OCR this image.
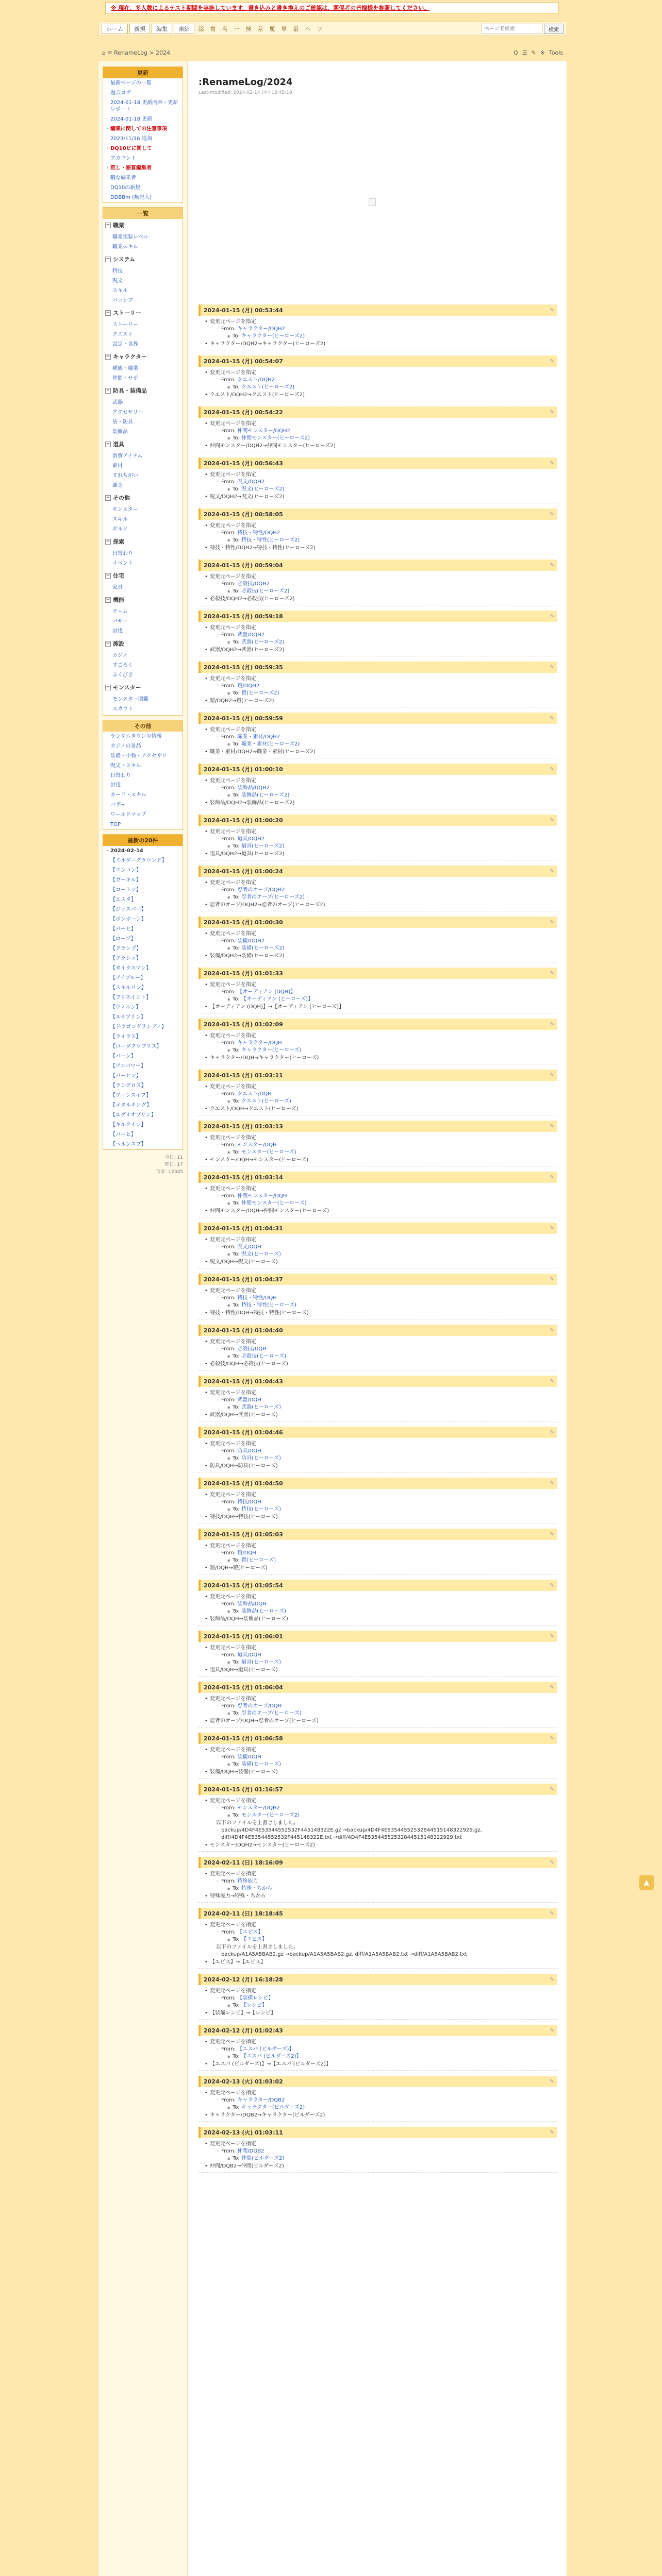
※ 現在、多人数によるテスト期間を実施しています。書き込みと書き換えのご確認は、関係者の皆様様を参照してください。
ホーム	新規	編集	凍結	添	複	名	一	検	差	履	単	最	ヘ	ソ
ページ名検索	検索
⌂ ≡ RenameLog > 2024	Q ☰ ✎ ※ Tools
更新
· 最新ページの一覧
· 過去ログ
· 2024-01-18 更新内容・更新レポート
· 2024-01-18 更新
· 編集に関しての注意事項
· 2023/11/16 追加
· DQ10ビに関して
· アカウント
· 荒し・悪質編集者
· 暇な編集者
· DQ10の新規
· DDBBm (無記入)
一覧
+ 職業
職業実装レベル
職業スキル
+ システム
特技
呪文
スキル
パッシブ
+ ストーリー
ストーリー
クエスト
設定・世界
+ キャラクター
種族・職業
仲間・サポ
+ 防具・装備品
武器
アクセサリー
盾・防具
装飾品
+ 道具
消費アイテム
素材
すれちがい
錬金
+ その他
モンスター
スキル
ギルド
+ 探索
日替わり
イベント
+ 住宅
家具
+ 機能
チーム
バザー
討伐
+ 施設
カジノ
すごろく
ふくびき
+ モンスター
モンスター図鑑
スカウト
その他
· ランダムタウンの情報
· カジノの景品
· 装備・小物・アクセサリ
· 呪文・スキル
· 日替わり
· 討伐
· カード・スキル
· バザー
· ワールドマップ
· TOP
最新の20件
· 2024-02-14
· 【エルダーグラウンド】
· 【エンコン】
· 【ガーキル】
· 【コートン】
· 【エスタ】
· 【ジャスバー】
· 【ボンボーン】
· 【パーヒ】
· 【ロープ】
· 【グランプ】
· 【グラシュ】
· 【タイラスマン】
· 【アイブルー】
· 【スキルリン】
· 【ブリスイント】
· 【ヴィルン】
· 【ルイブリン】
· 【ドラゴングランディ】
· 【ライラス】
· 【ローダクウブリス】
· 【パーン】
· 【アンパワー】
· 【パーヒン】
· 【ラングロス】
· 【グーンスイフ】
· 【メタルキング】
· 【エダイオブリン】
· 【キルクイン】
· 【パーヒ】
· 【ヘルンスブ】
今日: 11
昨日: 17
合計: 12345
:RenameLog/2024
Last-modified: 2024-02-14 (水) 18:45:19
2024-01-15 (月) 00:53:44	✎
• 変更元ページを指定
◦ From: キャラクター/DQH2
▪ To: キャラクター(ヒーローズ2)
• キャラクター/DQH2→キャラクター(ヒーローズ2)
2024-01-15 (月) 00:54:07	✎
• 変更元ページを指定
◦ From: クエスト/DQH2
▪ To: クエスト(ヒーローズ2)
• クエスト/DQH2→クエスト(ヒーローズ2)
2024-01-15 (月) 00:54:22	✎
• 変更元ページを指定
◦ From: 仲間モンスター/DQH2
▪ To: 仲間モンスター(ヒーローズ2)
• 仲間モンスター/DQH2→仲間モンスター(ヒーローズ2)
2024-01-15 (月) 00:56:43	✎
• 変更元ページを指定
◦ From: 呪文/DQH2
▪ To: 呪文(ヒーローズ2)
• 呪文/DQH2→呪文(ヒーローズ2)
2024-01-15 (月) 00:58:05	✎
• 変更元ページを指定
◦ From: 特技・特性/DQH2
▪ To: 特技・特性(ヒーローズ2)
• 特技・特性/DQH2→特技・特性(ヒーローズ2)
2024-01-15 (月) 00:59:04	✎
• 変更元ページを指定
◦ From: 必殺技/DQH2
▪ To: 必殺技(ヒーローズ2)
• 必殺技/DQH2→必殺技(ヒーローズ2)
2024-01-15 (月) 00:59:18	✎
• 変更元ページを指定
◦ From: 武器/DQH2
▪ To: 武器(ヒーローズ2)
• 武器/DQH2→武器(ヒーローズ2)
2024-01-15 (月) 00:59:35	✎
• 変更元ページを指定
◦ From: 鎧/DQH2
▪ To: 鎧(ヒーローズ2)
• 鎧/DQH2→鎧(ヒーローズ2)
2024-01-15 (月) 00:59:59	✎
• 変更元ページを指定
◦ From: 職業・素材/DQH2
▪ To: 職業・素材(ヒーローズ2)
• 職業・素材/DQH2→職業・素材(ヒーローズ2)
2024-01-15 (月) 01:00:10	✎
• 変更元ページを指定
◦ From: 装飾品/DQH2
▪ To: 装飾品(ヒーローズ2)
• 装飾品/DQH2→装飾品(ヒーローズ2)
2024-01-15 (月) 01:00:20	✎
• 変更元ページを指定
◦ From: 道具/DQH2
▪ To: 道具(ヒーローズ2)
• 道具/DQH2→道具(ヒーローズ2)
2024-01-15 (月) 01:00:24	✎
• 変更元ページを指定
◦ From: 忍者のオーブ/DQH2
▪ To: 忍者のオーブ(ヒーローズ2)
• 忍者のオーブ/DQH2→忍者のオーブ(ヒーローズ2)
2024-01-15 (月) 01:00:30	✎
• 変更元ページを指定
◦ From: 装備/DQH2
▪ To: 装備(ヒーローズ2)
• 装備/DQH2→装備(ヒーローズ2)
2024-01-15 (月) 01:01:33	✎
• 変更元ページを指定
◦ From: 【オーディアン (DQH)】
▪ To: 【オーディアン (ヒーローズ)】
• 【オーディアン (DQH)】→【オーディアン (ヒーローズ)】
2024-01-15 (月) 01:02:09	✎
• 変更元ページを指定
◦ From: キャラクター/DQH
▪ To: キャラクター(ヒーローズ)
• キャラクター/DQH→キャラクター(ヒーローズ)
2024-01-15 (月) 01:03:11	✎
• 変更元ページを指定
◦ From: クエスト/DQH
▪ To: クエスト(ヒーローズ)
• クエスト/DQH→クエスト(ヒーローズ)
2024-01-15 (月) 01:03:13	✎
• 変更元ページを指定
◦ From: モンスター/DQH
▪ To: モンスター(ヒーローズ)
• モンスター/DQH→モンスター(ヒーローズ)
2024-01-15 (月) 01:03:14	✎
• 変更元ページを指定
◦ From: 仲間モンスター/DQH
▪ To: 仲間モンスター(ヒーローズ)
• 仲間モンスター/DQH→仲間モンスター(ヒーローズ)
2024-01-15 (月) 01:04:31	✎
• 変更元ページを指定
◦ From: 呪文/DQH
▪ To: 呪文(ヒーローズ)
• 呪文/DQH→呪文(ヒーローズ)
2024-01-15 (月) 01:04:37	✎
• 変更元ページを指定
◦ From: 特技・特性/DQH
▪ To: 特技・特性(ヒーローズ)
• 特技・特性/DQH→特技・特性(ヒーローズ)
2024-01-15 (月) 01:04:40	✎
• 変更元ページを指定
◦ From: 必殺技/DQH
▪ To: 必殺技(ヒーローズ)
• 必殺技/DQH→必殺技(ヒーローズ)
2024-01-15 (月) 01:04:43	✎
• 変更元ページを指定
◦ From: 武器/DQH
▪ To: 武器(ヒーローズ)
• 武器/DQH→武器(ヒーローズ)
2024-01-15 (月) 01:04:46	✎
• 変更元ページを指定
◦ From: 防具/DQH
▪ To: 防具(ヒーローズ)
• 防具/DQH→防具(ヒーローズ)
2024-01-15 (月) 01:04:50	✎
• 変更元ページを指定
◦ From: 特技/DQH
▪ To: 特技(ヒーローズ)
• 特技/DQH→特技(ヒーローズ)
2024-01-15 (月) 01:05:03	✎
• 変更元ページを指定
◦ From: 鎧/DQH
▪ To: 鎧(ヒーローズ)
• 鎧/DQH→鎧(ヒーローズ)
2024-01-15 (月) 01:05:54	✎
• 変更元ページを指定
◦ From: 装飾品/DQH
▪ To: 装飾品(ヒーローズ)
• 装飾品/DQH→装飾品(ヒーローズ)
2024-01-15 (月) 01:06:01	✎
• 変更元ページを指定
◦ From: 道具/DQH
▪ To: 道具(ヒーローズ)
• 道具/DQH→道具(ヒーローズ)
2024-01-15 (月) 01:06:04	✎
• 変更元ページを指定
◦ From: 忍者のオーブ/DQH
▪ To: 忍者のオーブ(ヒーローズ)
• 忍者のオーブ/DQH→忍者のオーブ(ヒーローズ)
2024-01-15 (月) 01:06:58	✎
• 変更元ページを指定
◦ From: 装備/DQH
▪ To: 装備(ヒーローズ)
• 装備/DQH→装備(ヒーローズ)
2024-01-15 (月) 01:16:57	✎
• 変更元ページを指定
◦ From: モンスター/DQH2
▪ To: モンスター(ヒーローズ2)
以下のファイルを上書きしました。
◦ backup/4D4F4E53544552532F445148322E.gz →backup/4D4F4E53544552532844515148322929.gz, diff/4D4F4E53544552532F445148322E.txt →diff/4D4F4E53544552532844515148322929.txt
• モンスター/DQH2→モンスター(ヒーローズ2)
2024-02-11 (日) 18:16:09	✎
• 変更元ページを指定
◦ From: 特殊能力
▪ To: 特殊・ちから
• 特殊能力→特殊・ちから
2024-02-11 (日) 18:18:45	✎
• 変更元ページを指定
◦ From: 【エビス】
▪ To: 【エビス】
以下のファイルを上書きしました。
◦ backup/A1A5A5BAB2.gz →backup/A1A5A5BAB2.gz, diff/A1A5A5BAB2.txt →diff/A1A5A5BAB2.txt
• 【エビス】→【エビス】
2024-02-12 (月) 16:18:28	✎
• 変更元ページを指定
◦ From: 【装備レシピ】
▪ To: 【レシピ】
• 【装備レシピ】→【レシピ】
2024-02-12 (月) 01:02:43	✎
• 変更元ページを指定
◦ From: 【エスパ (ビルダーズ)】
▪ To: 【エスパ (ビルダーズ2)】
• 【エスパ (ビルダーズ)】→【エスパ (ビルダーズ2)】
2024-02-13 (火) 01:03:02	✎
• 変更元ページを指定
◦ From: キャラクター/DQB2
▪ To: キャラクター(ビルダーズ2)
• キャラクター/DQB2→キャラクター(ビルダーズ2)
2024-02-13 (火) 01:03:11	✎
• 変更元ページを指定
◦ From: 仲間/DQB2
▪ To: 仲間(ビルダーズ2)
• 仲間/DQB2→仲間(ビルダーズ2)
▲
